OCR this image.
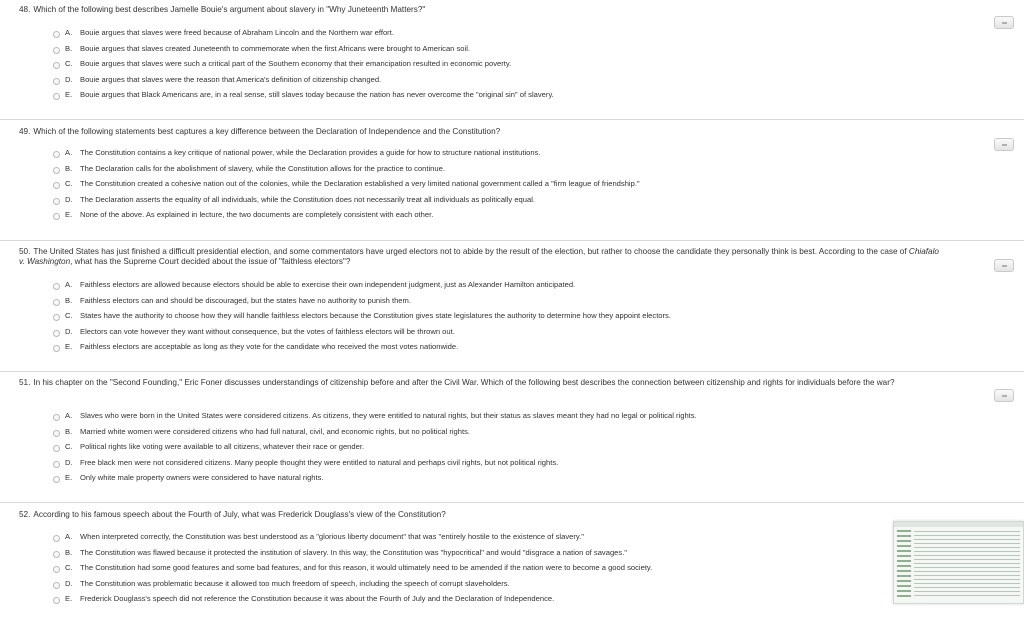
48. Which of the following best describes Jamelle Bouie's argument about slavery in "Why Juneteenth Matters?"
A. Bouie argues that slaves were freed because of Abraham Lincoln and the Northern war effort.
B. Bouie argues that slaves created Juneteenth to commemorate when the first Africans were brought to American soil.
C. Bouie argues that slaves were such a critical part of the Southern economy that their emancipation resulted in economic poverty.
D. Bouie argues that slaves were the reason that America's definition of citizenship changed.
E. Bouie argues that Black Americans are, in a real sense, still slaves today because the nation has never overcome the "original sin" of slavery.
49. Which of the following statements best captures a key difference between the Declaration of Independence and the Constitution?
A. The Constitution contains a key critique of national power, while the Declaration provides a guide for how to structure national institutions.
B. The Declaration calls for the abolishment of slavery, while the Constitution allows for the practice to continue.
C. The Constitution created a cohesive nation out of the colonies, while the Declaration established a very limited national government called a "firm league of friendship."
D. The Declaration asserts the equality of all individuals, while the Constitution does not necessarily treat all individuals as politically equal.
E. None of the above. As explained in lecture, the two documents are completely consistent with each other.
50. The United States has just finished a difficult presidential election, and some commentators have urged electors not to abide by the result of the election, but rather to choose the candidate they personally think is best. According to the case of Chiafalo v. Washington, what has the Supreme Court decided about the issue of "faithless electors"?
A. Faithless electors are allowed because electors should be able to exercise their own independent judgment, just as Alexander Hamilton anticipated.
B. Faithless electors can and should be discouraged, but the states have no authority to punish them.
C. States have the authority to choose how they will handle faithless electors because the Constitution gives state legislatures the authority to determine how they appoint electors.
D. Electors can vote however they want without consequence, but the votes of faithless electors will be thrown out.
E. Faithless electors are acceptable as long as they vote for the candidate who received the most votes nationwide.
51. In his chapter on the "Second Founding," Eric Foner discusses understandings of citizenship before and after the Civil War. Which of the following best describes the connection between citizenship and rights for individuals before the war?
A. Slaves who were born in the United States were considered citizens. As citizens, they were entitled to natural rights, but their status as slaves meant they had no legal or political rights.
B. Married white women were considered citizens who had full natural, civil, and economic rights, but no political rights.
C. Political rights like voting were available to all citizens, whatever their race or gender.
D. Free black men were not considered citizens. Many people thought they were entitled to natural and perhaps civil rights, but not political rights.
E. Only white male property owners were considered to have natural rights.
52. According to his famous speech about the Fourth of July, what was Frederick Douglass's view of the Constitution?
A. When interpreted correctly, the Constitution was best understood as a "glorious liberty document" that was "entirely hostile to the existence of slavery."
B. The Constitution was flawed because it protected the institution of slavery. In this way, the Constitution was "hypocritical" and would "disgrace a nation of savages."
C. The Constitution had some good features and some bad features, and for this reason, it would ultimately need to be amended if the nation were to become a good society.
D. The Constitution was problematic because it allowed too much freedom of speech, including the speech of corrupt slaveholders.
E. Frederick Douglass's speech did not reference the Constitution because it was about the Fourth of July and the Declaration of Independence.
